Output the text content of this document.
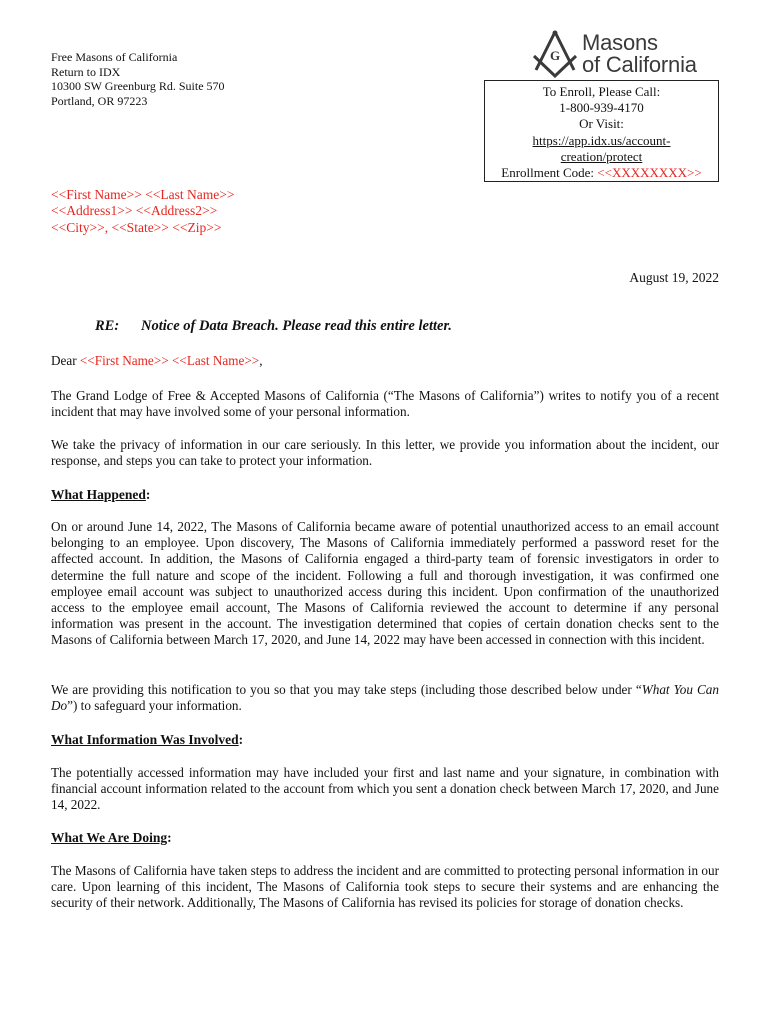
Free Masons of California
Return to IDX
10300 SW Greenburg Rd. Suite 570
Portland, OR 97223
G
Masons
of California
To Enroll, Please Call:
1-800-939-4170
Or Visit:
https://app.idx.us/account-
creation/protect
Enrollment Code: <<XXXXXXXX>>
<<First Name>> <<Last Name>>
<<Address1>> <<Address2>>
<<City>>, <<State>> <<Zip>>
August 19, 2022
RE: Notice of Data Breach. Please read this entire letter.
Dear <<First Name>> <<Last Name>>,
The Grand Lodge of Free & Accepted Masons of California (“The Masons of California”) writes to notify you of a recent incident that may have involved some of your personal information.
We take the privacy of information in our care seriously. In this letter, we provide you information about the incident, our response, and steps you can take to protect your information.
What Happened:
On or around June 14, 2022, The Masons of California became aware of potential unauthorized access to an email account belonging to an employee. Upon discovery, The Masons of California immediately performed a password reset for the affected account. In addition, the Masons of California engaged a third-party team of forensic investigators in order to determine the full nature and scope of the incident. Following a full and thorough investigation, it was confirmed one employee email account was subject to unauthorized access during this incident. Upon confirmation of the unauthorized access to the employee email account, The Masons of California reviewed the account to determine if any personal information was present in the account. The investigation determined that copies of certain donation checks sent to the Masons of California between March 17, 2020, and June 14, 2022 may have been accessed in connection with this incident.
We are providing this notification to you so that you may take steps (including those described below under “What You Can Do”) to safeguard your information.
What Information Was Involved:
The potentially accessed information may have included your first and last name and your signature, in combination with financial account information related to the account from which you sent a donation check between March 17, 2020, and June 14, 2022.
What We Are Doing:
The Masons of California have taken steps to address the incident and are committed to protecting personal information in our care. Upon learning of this incident, The Masons of California took steps to secure their systems and are enhancing the security of their network. Additionally, The Masons of California has revised its policies for storage of donation checks.
